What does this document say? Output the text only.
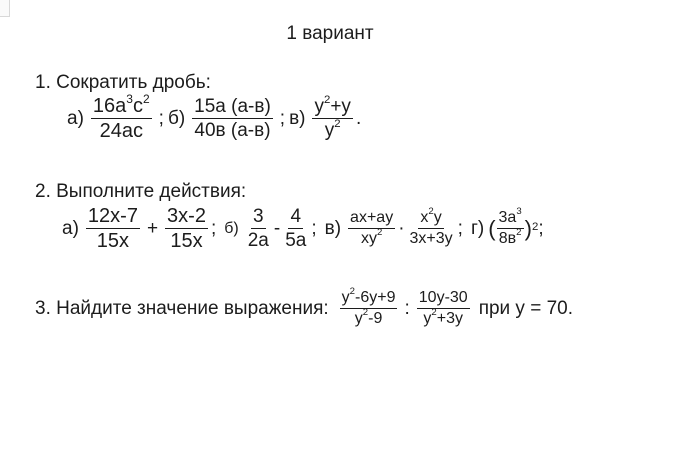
1 вариант
1. Сократить дробь:
$а) \frac{16a^3c^2}{24ac}$ ; $б) \frac{15a (a-в)}{40в (a-в)}$ ; $в) \frac{y^2+y}{y^2}$ .
2. Выполните действия:
$а) \frac{12x-7}{15x} + \frac{3x-2}{15x}$ ; $б) \frac{3}{2a} - \frac{4}{5a}$ ; $в) \frac{ax+ay}{xy^2} \cdot \frac{x^2y}{3x+3y}$ ; г) ( $\frac{3a^3}{8в^2} )^2$ ;
3. Найдите значение выражения: $\frac{y^2-6y+9}{y^2-9}$ : $\frac{10y-30}{y^2+3y}$ при y = 70.
